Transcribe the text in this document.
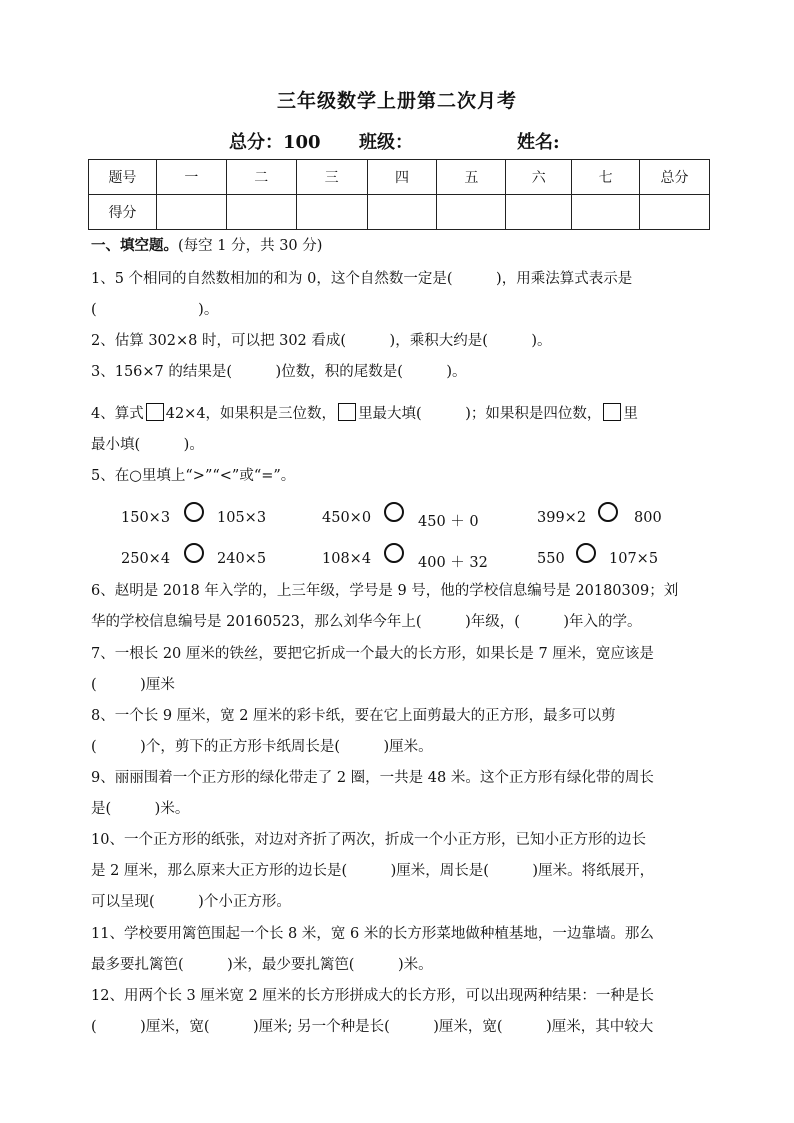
三年级数学上册第二次月考
总分：100 班级：	姓名:
题号	一	二	三	四	五	六	七	总分
得分								
一、填空题。(每空 1 分，共 30 分)
1、5 个相同的自然数相加的和为 0，这个自然数一定是(　　　)，用乘法算式表示是
(　　　　　　　)。
2、估算 302×8 时，可以把 302 看成(　　　)，乘积大约是(　　　)。
3、156×7 的结果是(　　　)位数，积的尾数是(　　　)。
4、算式 42×4，如果积是三位数， 里最大填(　　　)；如果积是四位数， 里
最小填(　　　)。
5、在○里填上“>”“<”或“=”。
150×3	105×3	450×0	450 ＋ 0	399×2	800
250×4	240×5	108×4	400 ＋ 32	550	107×5
6、赵明是 2018 年入学的，上三年级，学号是 9 号，他的学校信息编号是 20180309；刘
华的学校信息编号是 20160523，那么刘华今年上(　　　)年级，(　　　)年入的学。
7、一根长 20 厘米的铁丝，要把它折成一个最大的长方形，如果长是 7 厘米，宽应该是
(　　　)厘米
8、一个长 9 厘米，宽 2 厘米的彩卡纸，要在它上面剪最大的正方形，最多可以剪
(　　　)个，剪下的正方形卡纸周长是(　　　)厘米。
9、丽丽围着一个正方形的绿化带走了 2 圈，一共是 48 米。这个正方形有绿化带的周长
是(　　　)米。
10、一个正方形的纸张，对边对齐折了两次，折成一个小正方形，已知小正方形的边长
是 2 厘米，那么原来大正方形的边长是(　　　)厘米，周长是(　　　)厘米。将纸展开，
可以呈现(　　　)个小正方形。
11、学校要用篱笆围起一个长 8 米，宽 6 米的长方形菜地做种植基地，一边靠墙。那么
最多要扎篱笆(　　　)米，最少要扎篱笆(　　　)米。
12、用两个长 3 厘米宽 2 厘米的长方形拼成大的长方形，可以出现两种结果：一种是长
(　　　)厘米，宽(　　　)厘米; 另一个种是长(　　　)厘米，宽(　　　)厘米，其中较大
